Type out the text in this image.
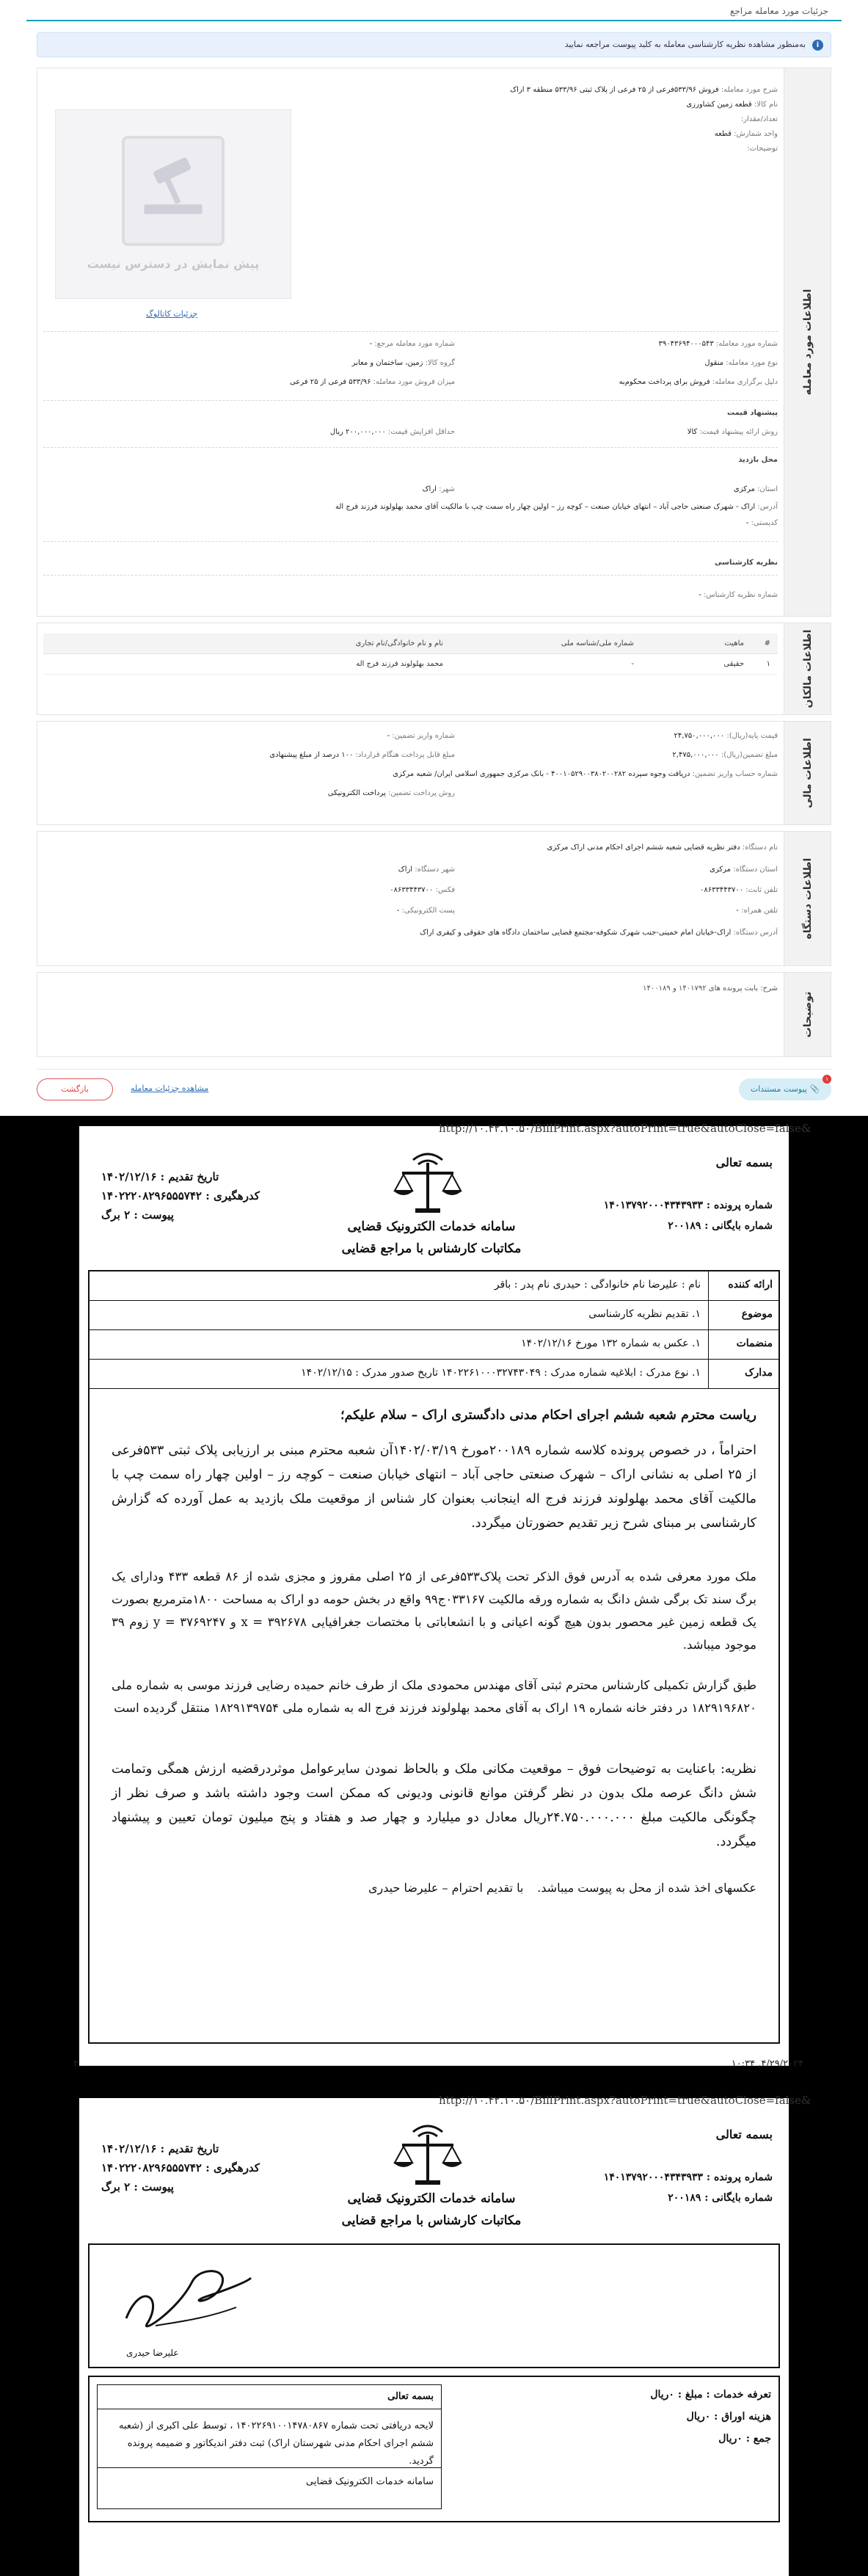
جزئیات مورد معامله مراجع
i
به‌منظور مشاهده نظریه کارشناسی معامله به کلید پیوست مراجعه نمایید
اطلاعات مورد معامله
شرح مورد معامله: فروش ۵۳۳/۹۶فرعی از ۲۵ فرعی از پلاک ثبتی ۵۳۳/۹۶ منطقه ۳ اراک
نام کالا: قطعه زمین کشاورزی
تعداد/مقدار:
واحد شمارش: قطعه
توضیحات:
پیش نمایش در دسترس نیست
جزئیات کاتالوگ
شماره مورد معامله: ۳۹۰۴۳۶۹۴۰۰۰۵۴۳
شماره مورد معامله مرجع: -
نوع مورد معامله: منقول
گروه کالا: زمین، ساختمان و معابر
دلیل برگزاری معامله: فروش برای پرداخت محکوم‌به
میزان فروش مورد معامله: ۵۳۳/۹۶ فرعی از ۲۵ فرعی
پیشنهاد قیمت
روش ارائه پیشنهاد قیمت: کالا
حداقل افزایش قیمت: ۲۰۰,۰۰۰,۰۰۰ ریال
محل بازدید
استان: مرکزی
شهر: اراک
آدرس: اراک - شهرک صنعتی حاجی آباد – انتهای خیابان صنعت – کوچه رز – اولین چهار راه سمت چپ با مالکیت آقای محمد بهلولوند فرزند فرج اله
کدپستی: -
نظریه کارشناسی
شماره نظریه کارشناس: -
اطلاعات مالکان
#	ماهیت	شماره ملی/شناسه ملی	نام و نام خانوادگی/نام تجاری
۱	حقیقی	-	محمد بهلولوند فرزند فرج اله
اطلاعات مالی
قیمت پایه(ریال): ۲۴,۷۵۰,۰۰۰,۰۰۰
شماره واریز تضمین: -
مبلغ تضمین(ریال): ۲,۴۷۵,۰۰۰,۰۰۰
مبلغ قابل پرداخت هنگام قرارداد: ۱۰۰ درصد از مبلغ پیشنهادی
شماره حساب واریز تضمین: دریافت وجوه سپرده ۴۰۰۱۰۵۲۹۰۰۳۸۰۲۰۰۲۸۲ - بانک مرکزی جمهوری اسلامی ایران/ شعبه مرکزی
روش پرداخت تضمین: پرداخت الکترونیکی
اطلاعات دستگاه
نام دستگاه: دفتر نظریه قضایی شعبه ششم اجرای احکام مدنی اراک مرکزی
استان دستگاه: مرکزی
شهر دستگاه: اراک
تلفن ثابت: ۰۸۶۳۳۴۴۳۷۰۰
فکس: ۰۸۶۳۳۴۴۳۷۰۰
تلفن همراه: -
پست الکترونیکی: -
آدرس دستگاه: اراک-خیابان امام خمینی-جنب شهرک شکوفه-مجتمع قضایی ساختمان دادگاه های حقوقی و کیفری اراک
توضیحات
شرح: بابت پرونده های ۱۴۰۱۷۹۲ و ۱۴۰۰۱۸۹
۱
📎 پیوست مستندات
مشاهده جزئیات معامله
بازگشت
http://۱۰.۴۲.۱۰.۵۰/BillPrint.aspx?autoPrint=true&autoClose=false&
بسمه تعالی
شماره پرونده : ۱۴۰۱۳۷۹۲۰۰۰۴۳۴۳۹۳۳
شماره بایگانی : ۲۰۰۱۸۹
تاریخ تقدیم : ۱۴۰۲/۱۲/۱۶
کدرهگیری : ۱۴۰۲۲۲۰۸۲۹۶۵۵۵۷۴۲
پیوست : ۲ برگ
سامانه خدمات الکترونیک قضایی
مکاتبات کارشناس با مراجع قضایی
ارائه کننده
نام : علیرضا نام خانوادگی : حیدری نام پدر : باقر
موضوع
۱. تقدیم نظریه کارشناسی
منضمات
۱. عکس به شماره ۱۳۲ مورخ ۱۴۰۲/۱۲/۱۶
مدارک
۱. نوع مدرک : ابلاغیه شماره مدرک : ۱۴۰۲۲۶۱۰۰۰۳۲۷۴۳۰۴۹ تاریخ صدور مدرک : ۱۴۰۲/۱۲/۱۵
ریاست محترم شعبه ششم اجرای احکام مدنی دادگستری اراک – سلام علیکم؛
احتراماً ، در خصوص پرونده کلاسه شماره ۲۰۰۱۸۹مورخ ۱۴۰۲/۰۳/۱۹آن شعبه محترم مبنی بر ارزیابی پلاک ثبتی ۵۳۳فرعی از ۲۵ اصلی به نشانی اراک – شهرک صنعتی حاجی آباد – انتهای خیابان صنعت – کوچه رز – اولین چهار راه سمت چپ با مالکیت آقای محمد بهلولوند فرزند فرج اله اینجانب بعنوان کار شناس از موقعیت ملک بازدید به عمل آورده که گزارش کارشناسی بر مبنای شرح زیر تقدیم حضورتان میگردد.
ملک مورد معرفی شده به آدرس فوق الذکر تحت پلاک۵۳۳فرعی از ۲۵ اصلی مفروز و مجزی شده از ۸۶ قطعه ۴۳۳ ودارای یک برگ سند تک برگی شش دانگ به شماره ورقه مالکیت ۰۳۳۱۶۷ج۹۹ واقع در بخش حومه دو اراک به مساحت ۱۸۰۰مترمربع بصورت یک قطعه زمین غیر محصور بدون هیچ گونه اعیانی و با انشعاباتی با مختصات جغرافیایی ۳۹۲۶۷۸ = x و ۳۷۶۹۲۴۷ = y زوم ۳۹ موجود میباشد.
طبق گزارش تکمیلی کارشناس محترم ثبتی آقای مهندس محمودی ملک از طرف خانم حمیده رضایی فرزند موسی به شماره ملی ۱۸۲۹۱۹۶۸۲۰ در دفتر خانه شماره ۱۹ اراک به آقای محمد بهلولوند فرزند فرج اله به شماره ملی ۱۸۲۹۱۳۹۷۵۴ منتقل گردیده است
نظریه: باعنایت به توضیحات فوق – موقعیت مکانی ملک و بالحاظ نمودن سایرعوامل موثردرقضیه ارزش همگی وتمامت شش دانگ عرصه ملک بدون در نظر گرفتن موانع قانونی ودیونی که ممکن است وجود داشته باشد و صرف نظر از چگونگی مالکیت مبلغ ۲۴.۷۵۰.۰۰۰.۰۰۰ریال معادل دو میلیارد و چهار صد و هفتاد و پنج میلیون تومان تعیین و پیشنهاد میگردد.
عکسهای اخذ شده از محل به پیوست میباشد.
با تقدیم احترام – علیرضا حیدری
۲	۱۰:۳۴ ,۴/۲۹/۲۰۲۴
http://۱۰.۴۲.۱۰.۵۰/BillPrint.aspx?autoPrint=true&autoClose=false&
بسمه تعالی
شماره پرونده : ۱۴۰۱۳۷۹۲۰۰۰۴۳۴۳۹۳۳
شماره بایگانی : ۲۰۰۱۸۹
تاریخ تقدیم : ۱۴۰۲/۱۲/۱۶
کدرهگیری : ۱۴۰۲۲۲۰۸۲۹۶۵۵۵۷۴۲
پیوست : ۲ برگ
سامانه خدمات الکترونیک قضایی
مکاتبات کارشناس با مراجع قضایی
علیرضا حیدری
تعرفه خدمات : مبلغ : ۰ریال
هزینه اوراق : ۰ریال
جمع : ۰ریال
بسمه تعالی
لایحه دریافتی تحت شماره ۱۴۰۲۲۶۹۱۰۰۱۴۷۸۰۸۶۷ ، توسط علی اکبری از (شعبه ششم اجرای احکام مدنی شهرستان اراک) ثبت دفتر اندیکاتور و ضمیمه پرونده گردید.
سامانه خدمات الکترونیک قضایی
